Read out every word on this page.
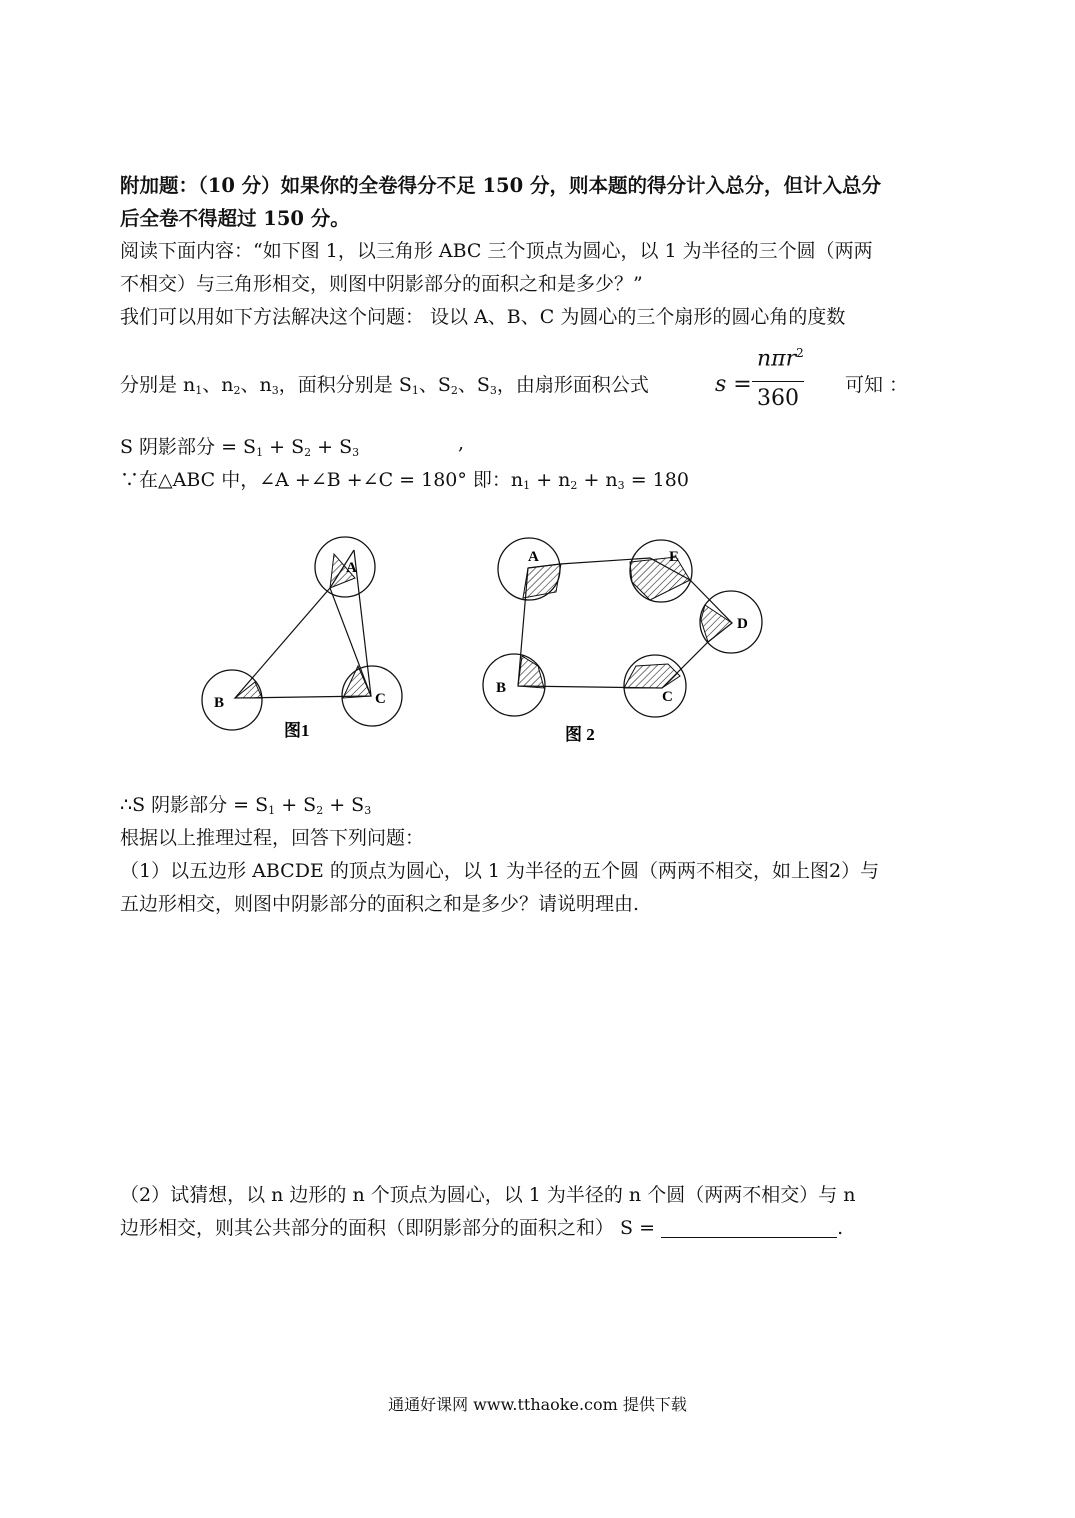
附加题：（10 分）如果你的全卷得分不足 150 分，则本题的得分计入总分，但计入总分
后全卷不得超过 150 分。
阅读下面内容：“如下图 1，以三角形 ABC 三个顶点为圆心，以 1 为半径的三个圆（两两
不相交）与三角形相交，则图中阴影部分的面积之和是多少？”
我们可以用如下方法解决这个问题： 设以 A、B、C 为圆心的三个扇形的圆心角的度数
分别是 $n_1$、$n_2$、$n_3$，面积分别是 $S_1$、$S_2$、$S_3$，由扇形面积公式	s =
nπr$^2$
360
可知 ：
S 阴影部分 = $S_1 + S_2 + S_3$	,
∵在△ABC 中，∠A +∠B +∠C = 180° 即：$n_1 + n_2 + n_3 = 180$
A
B	C
图1
A
B
C
D
E
图 2
∴S 阴影部分 = $S_1 + S_2 + S_3$
根据以上推理过程，回答下列问题：
（1）以五边形 ABCDE 的顶点为圆心，以 1 为半径的五个圆（两两不相交，如上图2）与
五边形相交，则图中阴影部分的面积之和是多少？请说明理由.
（2）试猜想，以 n 边形的 n 个顶点为圆心，以 1 为半径的 n 个圆（两两不相交）与 n
边形相交，则其公共部分的面积（即阴影部分的面积之和） S =	.
通通好课网 www.tthaoke.com 提供下载
